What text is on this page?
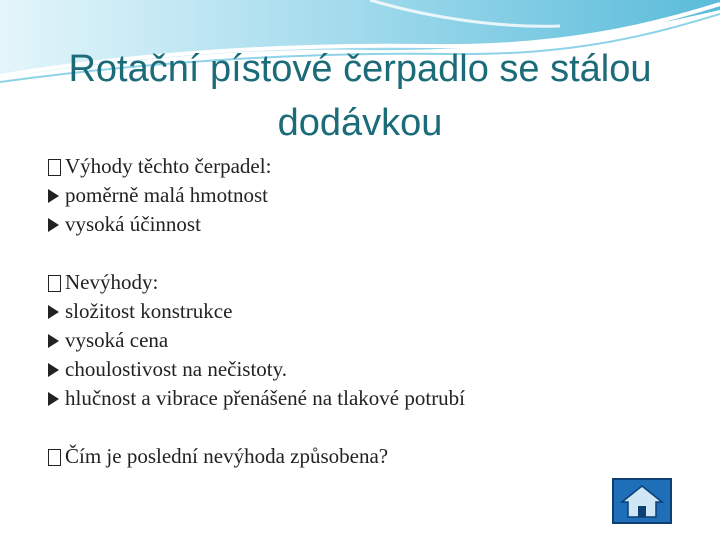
Rotační pístové čerpadlo se stálou
dodávkou
Výhody těchto čerpadel:
poměrně malá hmotnost
vysoká účinnost
Nevýhody:
složitost konstrukce
vysoká cena
choulostivost na nečistoty.
hlučnost a vibrace přenášené na tlakové potrubí
Čím je poslední nevýhoda způsobena?
